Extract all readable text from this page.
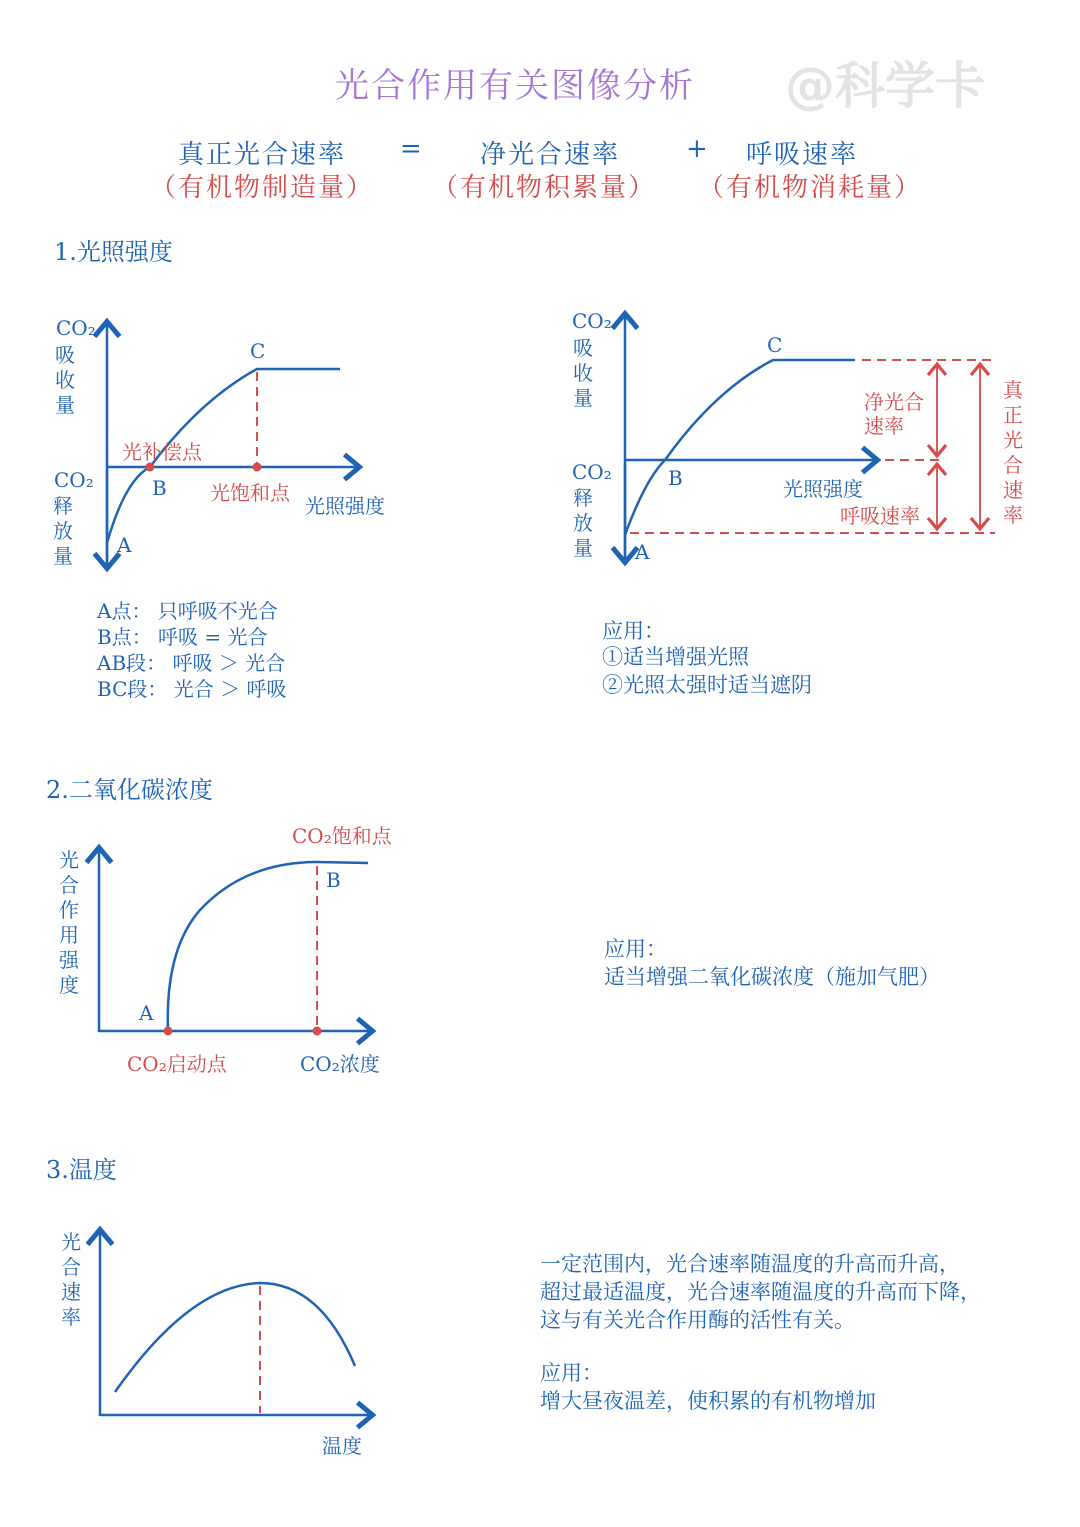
光合作用有关图像分析	@科学卡
真正光合速率
（有机物制造量）
= 净光合速率
（有机物积累量）
+ 呼吸速率
（有机物消耗量）
1.光照强度
CO₂
吸收量
CO₂
释放量
C
B
A
光补偿点
光饱和点
光照强度
A点： 只呼吸不光合
B点： 呼吸 = 光合
AB段： 呼吸 ＞ 光合
BC段： 光合 ＞ 呼吸
CO₂
吸收量
CO₂
释放量
C
B
A
光照强度
净光合
速率
呼吸速率
真正光合速率
应用：
①适当增强光照
②光照太强时适当遮阴
2.二氧化碳浓度
光合作用强度
CO₂饱和点
B
A
CO₂启动点	CO₂浓度
应用：
适当增强二氧化碳浓度（施加气肥）
3.温度
光合速率
温度
一定范围内，光合速率随温度的升高而升高，
超过最适温度，光合速率随温度的升高而下降，
这与有关光合作用酶的活性有关。
应用：
增大昼夜温差，使积累的有机物增加
